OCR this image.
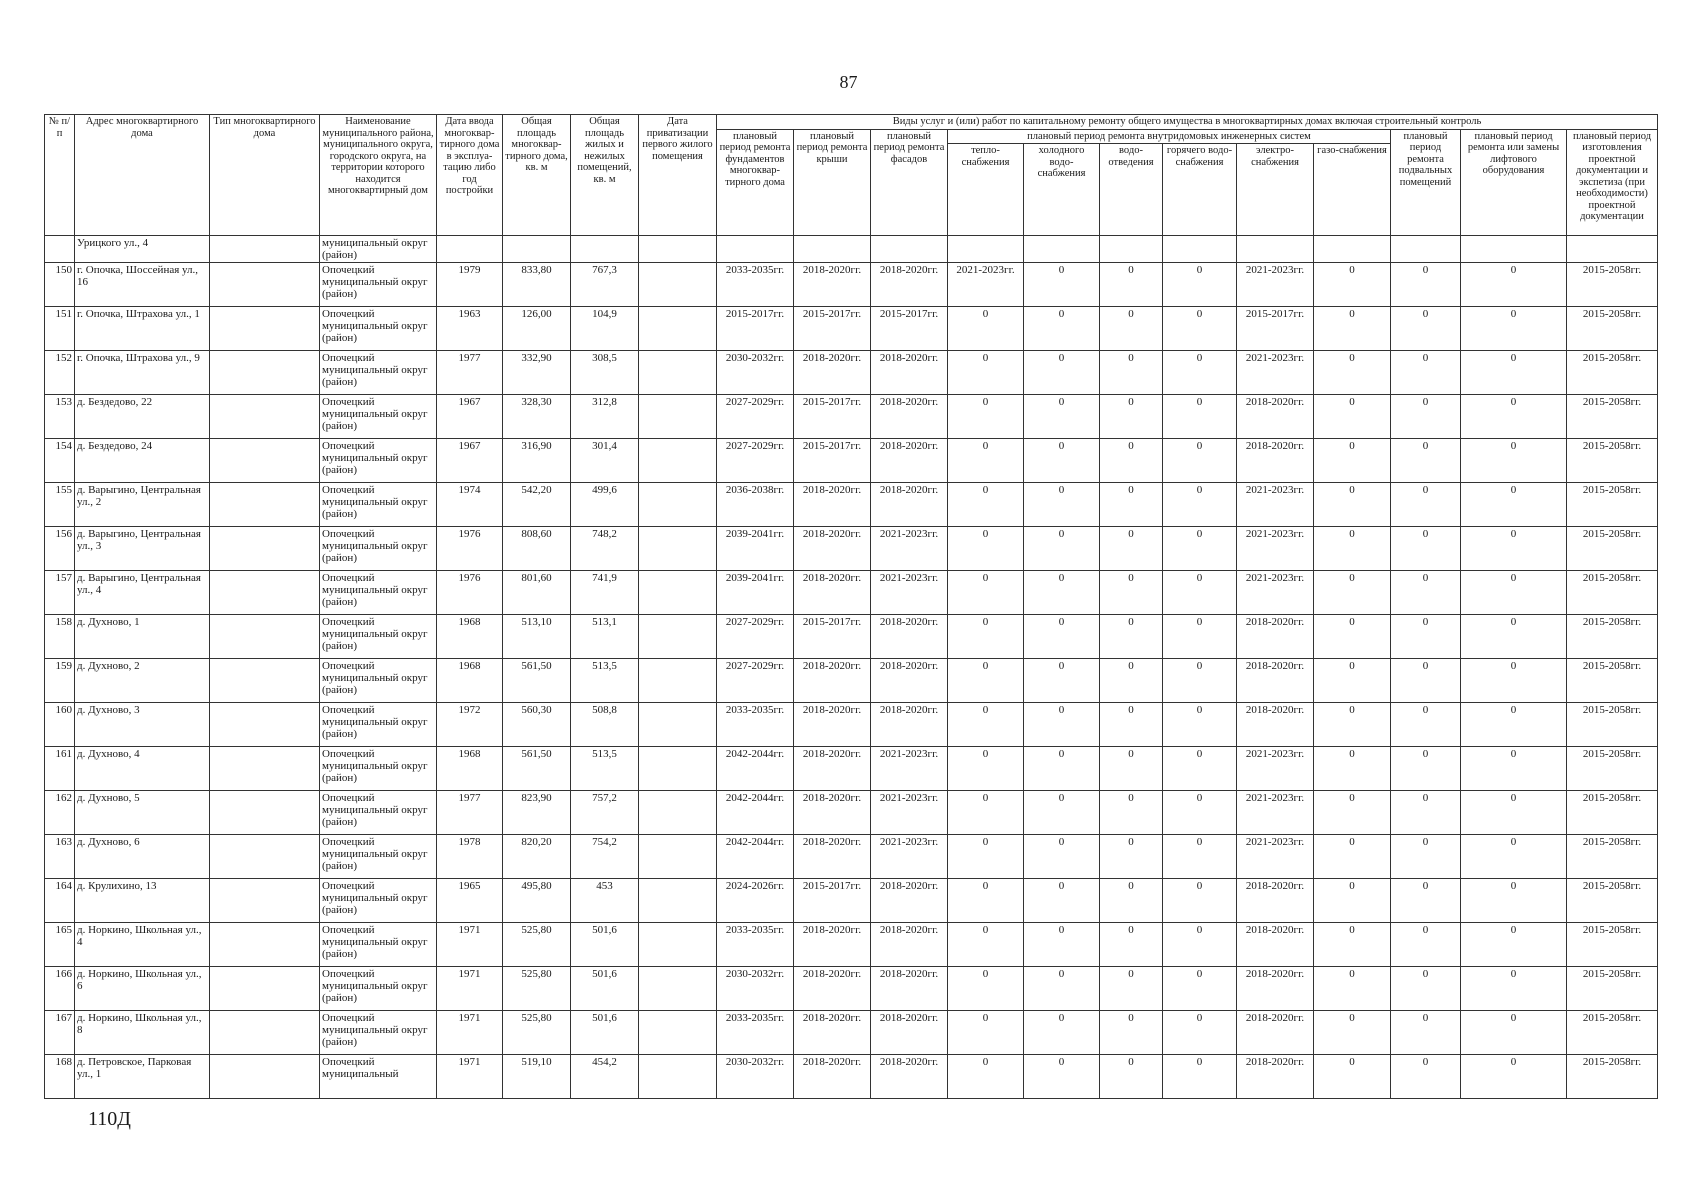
87
№ п/п	Адрес многоквартирного дома	Тип многоквартирного дома	Наименование муниципального района, муниципального округа, городского округа, на территории которого находится многоквартирный дом	Дата ввода многоквар-тирного дома в эксплуа-тацию либо год постройки	Общая площадь многоквар-тирного дома, кв. м	Общая площадь жилых и нежилых помещений, кв. м	Дата приватизации первого жилого помещения	Виды услуг и (или) работ по капитальному ремонту общего имущества в многоквартирных домах включая строительный контроль											
								плановый период ремонта фундаментов многоквар-тирного дома	плановый период ремонта крыши	плановый период ремонта фасадов	плановый период ремонта внутридомовых инженерных систем						плановый период ремонта подвальных помещений	плановый период ремонта или замены лифтового оборудования	плановый период изготовления проектной документации и экспетиза (при необходимости) проектной документации
											тепло-снабжения	холодного водо-снабжения	водо-отведения	горячего водо-снабжения	электро-снабжения	газо-снабжения			
	Урицкого ул., 4		муниципальный округ (район)																
150	г. Опочка, Шоссейная ул., 16		Опочецкий муниципальный округ (район)	1979	833,80	767,3		2033-2035гг.	2018-2020гг.	2018-2020гг.	2021-2023гг.	0	0	0	2021-2023гг.	0	0	0	2015-2058гг.
151	г. Опочка, Штрахова ул., 1		Опочецкий муниципальный округ (район)	1963	126,00	104,9		2015-2017гг.	2015-2017гг.	2015-2017гг.	0	0	0	0	2015-2017гг.	0	0	0	2015-2058гг.
152	г. Опочка, Штрахова ул., 9		Опочецкий муниципальный округ (район)	1977	332,90	308,5		2030-2032гг.	2018-2020гг.	2018-2020гг.	0	0	0	0	2021-2023гг.	0	0	0	2015-2058гг.
153	д. Бездедово, 22		Опочецкий муниципальный округ (район)	1967	328,30	312,8		2027-2029гг.	2015-2017гг.	2018-2020гг.	0	0	0	0	2018-2020гг.	0	0	0	2015-2058гг.
154	д. Бездедово, 24		Опочецкий муниципальный округ (район)	1967	316,90	301,4		2027-2029гг.	2015-2017гг.	2018-2020гг.	0	0	0	0	2018-2020гг.	0	0	0	2015-2058гг.
155	д. Варыгино, Центральная ул., 2		Опочецкий муниципальный округ (район)	1974	542,20	499,6		2036-2038гг.	2018-2020гг.	2018-2020гг.	0	0	0	0	2021-2023гг.	0	0	0	2015-2058гг.
156	д. Варыгино, Центральная ул., 3		Опочецкий муниципальный округ (район)	1976	808,60	748,2		2039-2041гг.	2018-2020гг.	2021-2023гг.	0	0	0	0	2021-2023гг.	0	0	0	2015-2058гг.
157	д. Варыгино, Центральная ул., 4		Опочецкий муниципальный округ (район)	1976	801,60	741,9		2039-2041гг.	2018-2020гг.	2021-2023гг.	0	0	0	0	2021-2023гг.	0	0	0	2015-2058гг.
158	д. Духново, 1		Опочецкий муниципальный округ (район)	1968	513,10	513,1		2027-2029гг.	2015-2017гг.	2018-2020гг.	0	0	0	0	2018-2020гг.	0	0	0	2015-2058гг.
159	д. Духново, 2		Опочецкий муниципальный округ (район)	1968	561,50	513,5		2027-2029гг.	2018-2020гг.	2018-2020гг.	0	0	0	0	2018-2020гг.	0	0	0	2015-2058гг.
160	д. Духново, 3		Опочецкий муниципальный округ (район)	1972	560,30	508,8		2033-2035гг.	2018-2020гг.	2018-2020гг.	0	0	0	0	2018-2020гг.	0	0	0	2015-2058гг.
161	д. Духново, 4		Опочецкий муниципальный округ (район)	1968	561,50	513,5		2042-2044гг.	2018-2020гг.	2021-2023гг.	0	0	0	0	2021-2023гг.	0	0	0	2015-2058гг.
162	д. Духново, 5		Опочецкий муниципальный округ (район)	1977	823,90	757,2		2042-2044гг.	2018-2020гг.	2021-2023гг.	0	0	0	0	2021-2023гг.	0	0	0	2015-2058гг.
163	д. Духново, 6		Опочецкий муниципальный округ (район)	1978	820,20	754,2		2042-2044гг.	2018-2020гг.	2021-2023гг.	0	0	0	0	2021-2023гг.	0	0	0	2015-2058гг.
164	д. Крулихино, 13		Опочецкий муниципальный округ (район)	1965	495,80	453		2024-2026гг.	2015-2017гг.	2018-2020гг.	0	0	0	0	2018-2020гг.	0	0	0	2015-2058гг.
165	д. Норкино, Школьная ул., 4		Опочецкий муниципальный округ (район)	1971	525,80	501,6		2033-2035гг.	2018-2020гг.	2018-2020гг.	0	0	0	0	2018-2020гг.	0	0	0	2015-2058гг.
166	д. Норкино, Школьная ул., 6		Опочецкий муниципальный округ (район)	1971	525,80	501,6		2030-2032гг.	2018-2020гг.	2018-2020гг.	0	0	0	0	2018-2020гг.	0	0	0	2015-2058гг.
167	д. Норкино, Школьная ул., 8		Опочецкий муниципальный округ (район)	1971	525,80	501,6		2033-2035гг.	2018-2020гг.	2018-2020гг.	0	0	0	0	2018-2020гг.	0	0	0	2015-2058гг.
168	д. Петровское, Парковая ул., 1		Опочецкий муниципальный	1971	519,10	454,2		2030-2032гг.	2018-2020гг.	2018-2020гг.	0	0	0	0	2018-2020гг.	0	0	0	2015-2058гг.
110Д
